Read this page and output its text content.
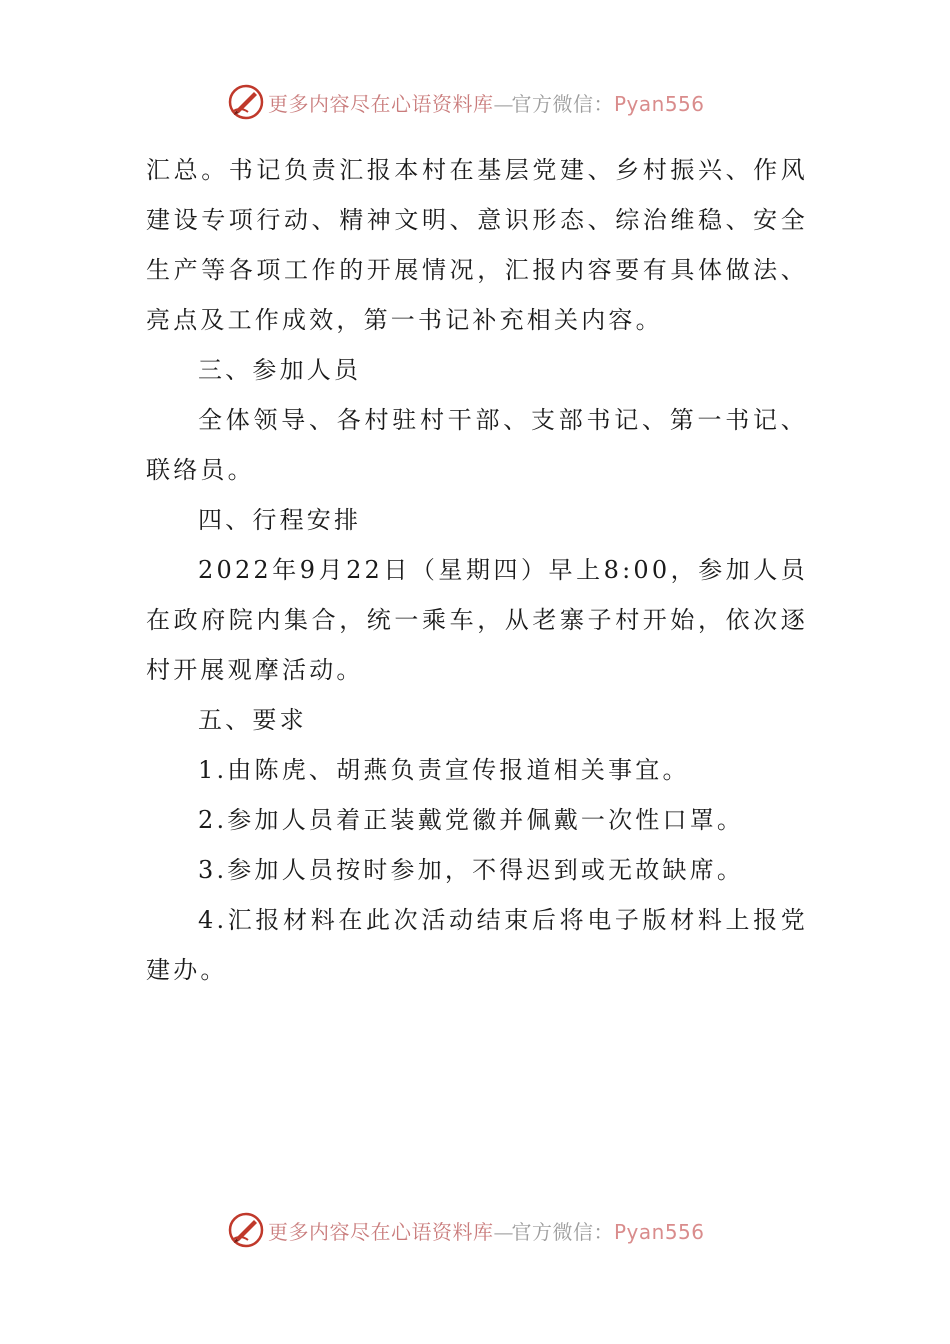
更多内容尽在心语资料库—官方微信：Pyan556

汇总。书记负责汇报本村在基层党建、乡村振兴、作风建设专项行动、精神文明、意识形态、综治维稳、安全生产等各项工作的开展情况，汇报内容要有具体做法、亮点及工作成效，第一书记补充相关内容。

三、参加人员

全体领导、各村驻村干部、支部书记、第一书记、联络员。

四、行程安排

2022年9月22日（星期四）早上8:00，参加人员在政府院内集合，统一乘车，从老寨子村开始，依次逐村开展观摩活动。

五、要求

1.由陈虎、胡燕负责宣传报道相关事宜。

2.参加人员着正装戴党徽并佩戴一次性口罩。

3.参加人员按时参加，不得迟到或无故缺席。

4.汇报材料在此次活动结束后将电子版材料上报党建办。

更多内容尽在心语资料库—官方微信：Pyan556
